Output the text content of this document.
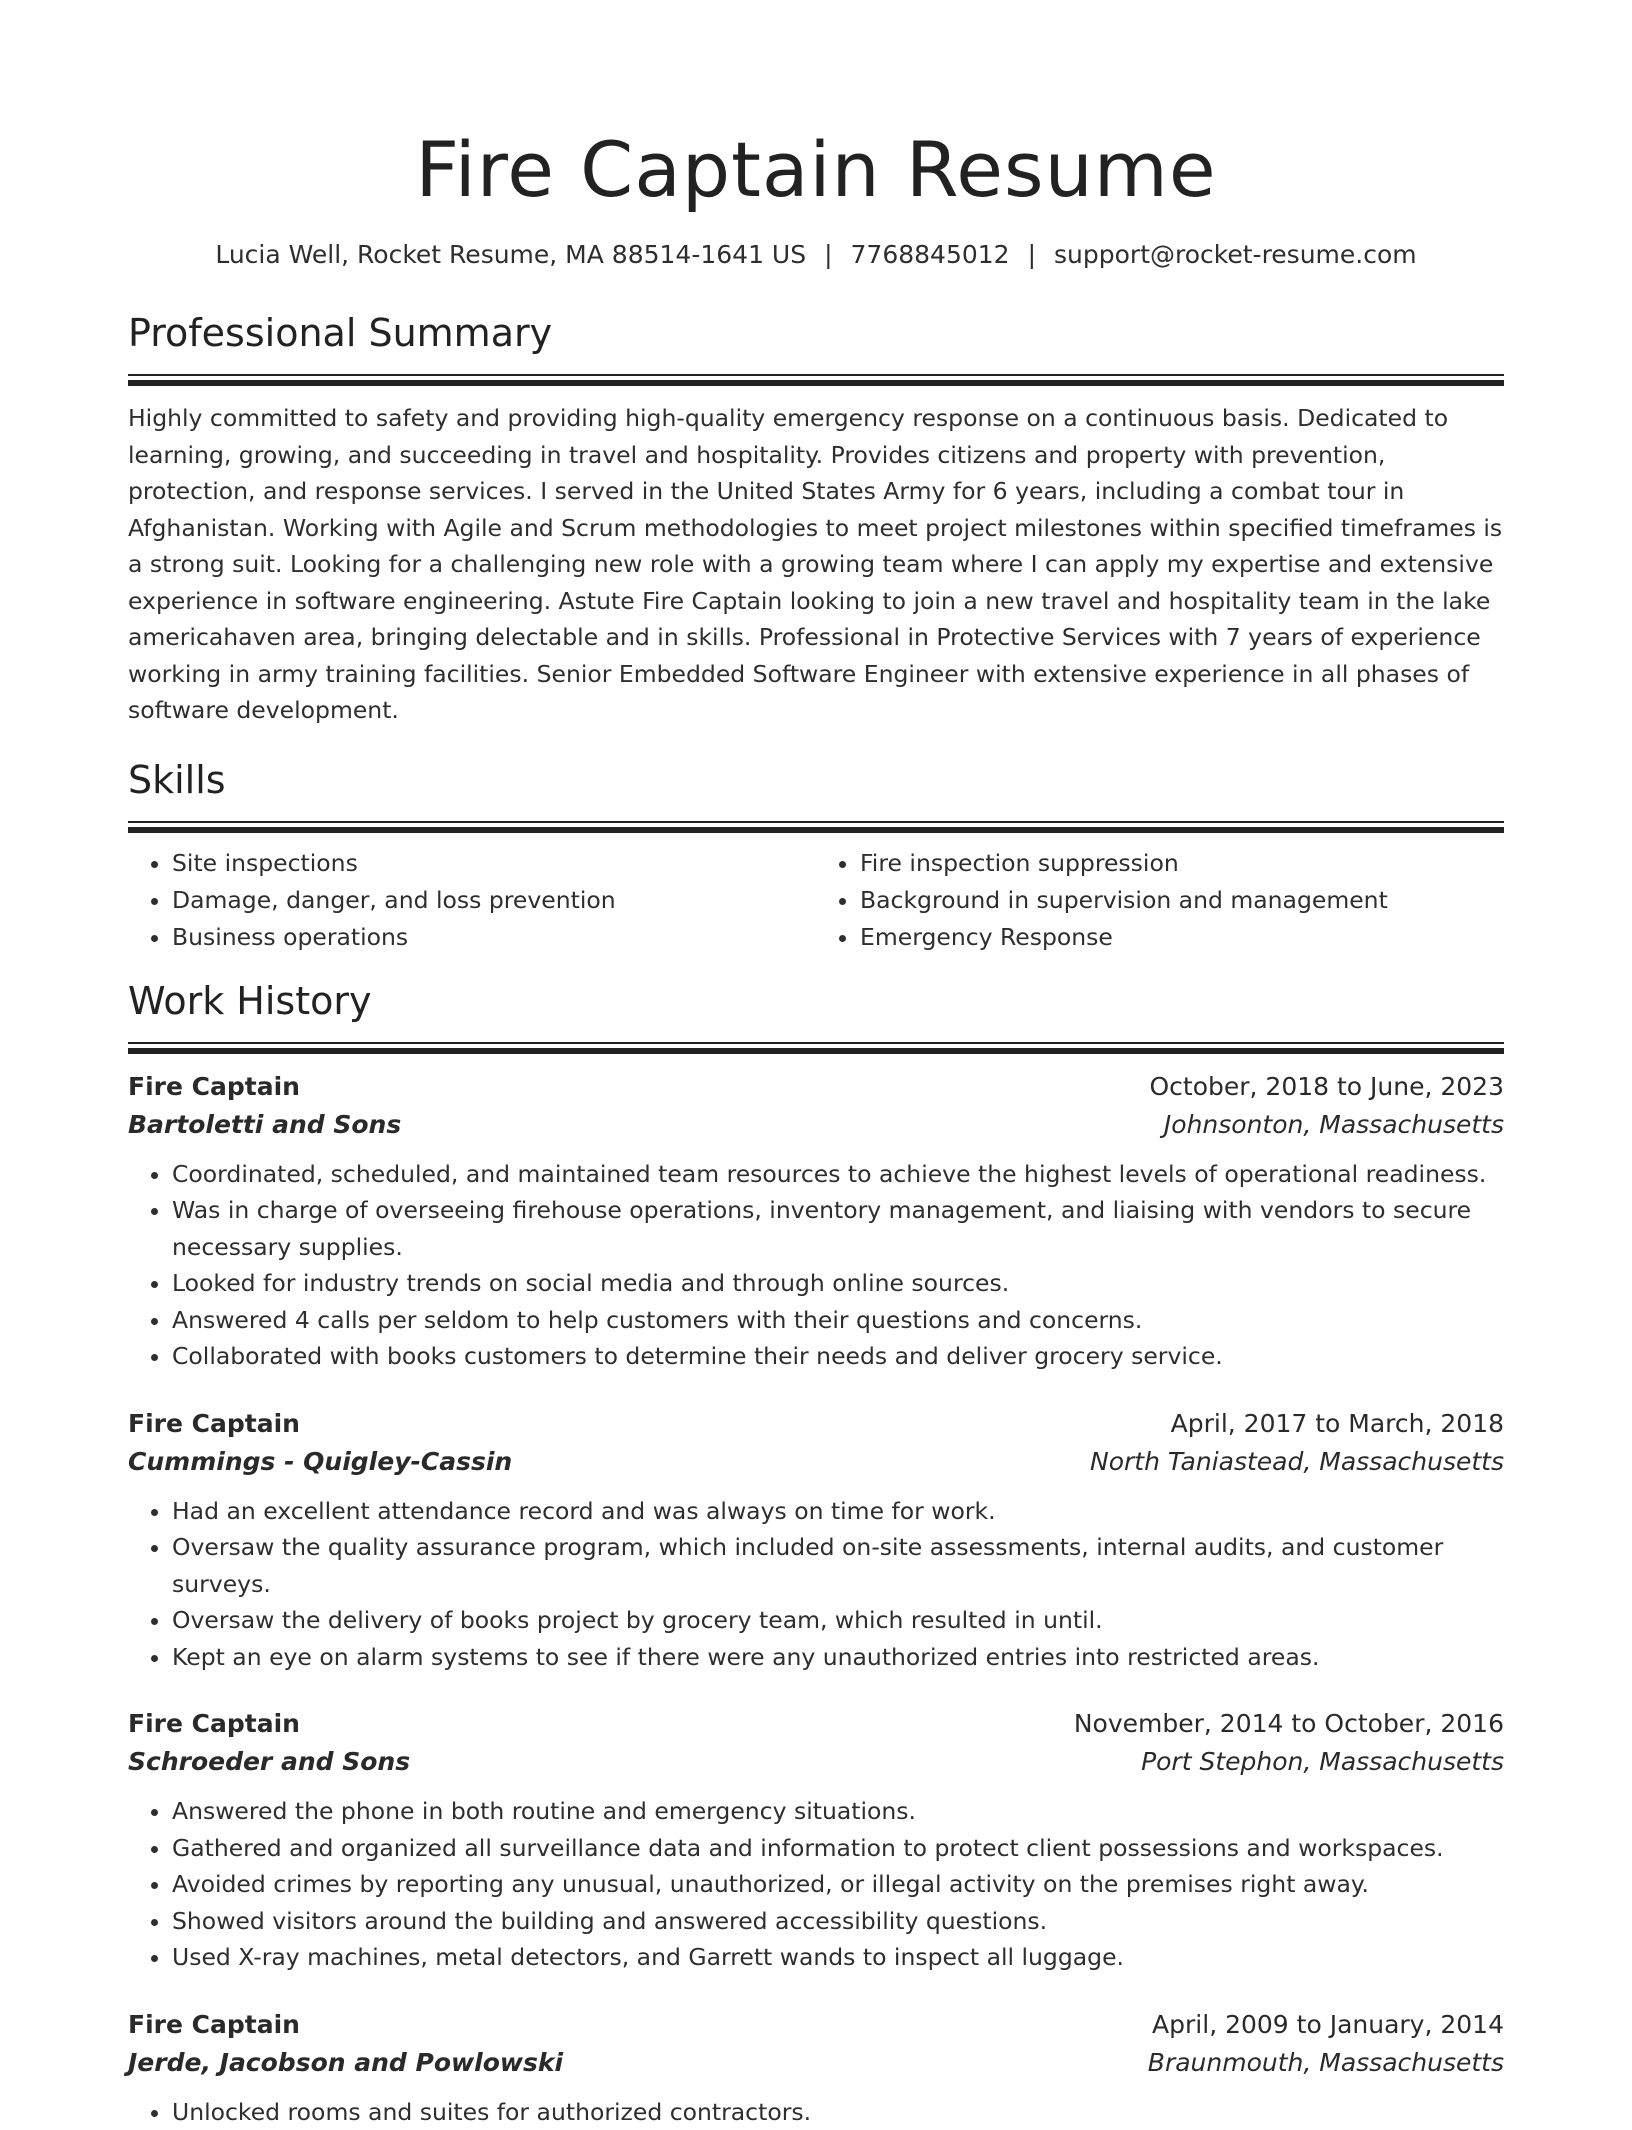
Fire Captain Resume
Lucia Well, Rocket Resume, MA 88514-1641 US | 7768845012 | support@rocket-resume.com
Professional Summary
Highly committed to safety and providing high-quality emergency response on a continuous basis. Dedicated to learning, growing, and succeeding in travel and hospitality. Provides citizens and property with prevention, protection, and response services. I served in the United States Army for 6 years, including a combat tour in Afghanistan. Working with Agile and Scrum methodologies to meet project milestones within specified timeframes is a strong suit. Looking for a challenging new role with a growing team where I can apply my expertise and extensive experience in software engineering. Astute Fire Captain looking to join a new travel and hospitality team in the lake americahaven area, bringing delectable and in skills. Professional in Protective Services with 7 years of experience working in army training facilities. Senior Embedded Software Engineer with extensive experience in all phases of software development.
Skills
• Site inspections
• Damage, danger, and loss prevention
• Business operations
• Fire inspection suppression
• Background in supervision and management
• Emergency Response
Work History
Fire Captain	October, 2018 to June, 2023
Bartoletti and Sons	Johnsonton, Massachusetts
• Coordinated, scheduled, and maintained team resources to achieve the highest levels of operational readiness.
• Was in charge of overseeing firehouse operations, inventory management, and liaising with vendors to secure necessary supplies.
• Looked for industry trends on social media and through online sources.
• Answered 4 calls per seldom to help customers with their questions and concerns.
• Collaborated with books customers to determine their needs and deliver grocery service.
Fire Captain	April, 2017 to March, 2018
Cummings - Quigley-Cassin	North Taniastead, Massachusetts
• Had an excellent attendance record and was always on time for work.
• Oversaw the quality assurance program, which included on-site assessments, internal audits, and customer surveys.
• Oversaw the delivery of books project by grocery team, which resulted in until.
• Kept an eye on alarm systems to see if there were any unauthorized entries into restricted areas.
Fire Captain	November, 2014 to October, 2016
Schroeder and Sons	Port Stephon, Massachusetts
• Answered the phone in both routine and emergency situations.
• Gathered and organized all surveillance data and information to protect client possessions and workspaces.
• Avoided crimes by reporting any unusual, unauthorized, or illegal activity on the premises right away.
• Showed visitors around the building and answered accessibility questions.
• Used X-ray machines, metal detectors, and Garrett wands to inspect all luggage.
Fire Captain	April, 2009 to January, 2014
Jerde, Jacobson and Powlowski	Braunmouth, Massachusetts
• Unlocked rooms and suites for authorized contractors.
